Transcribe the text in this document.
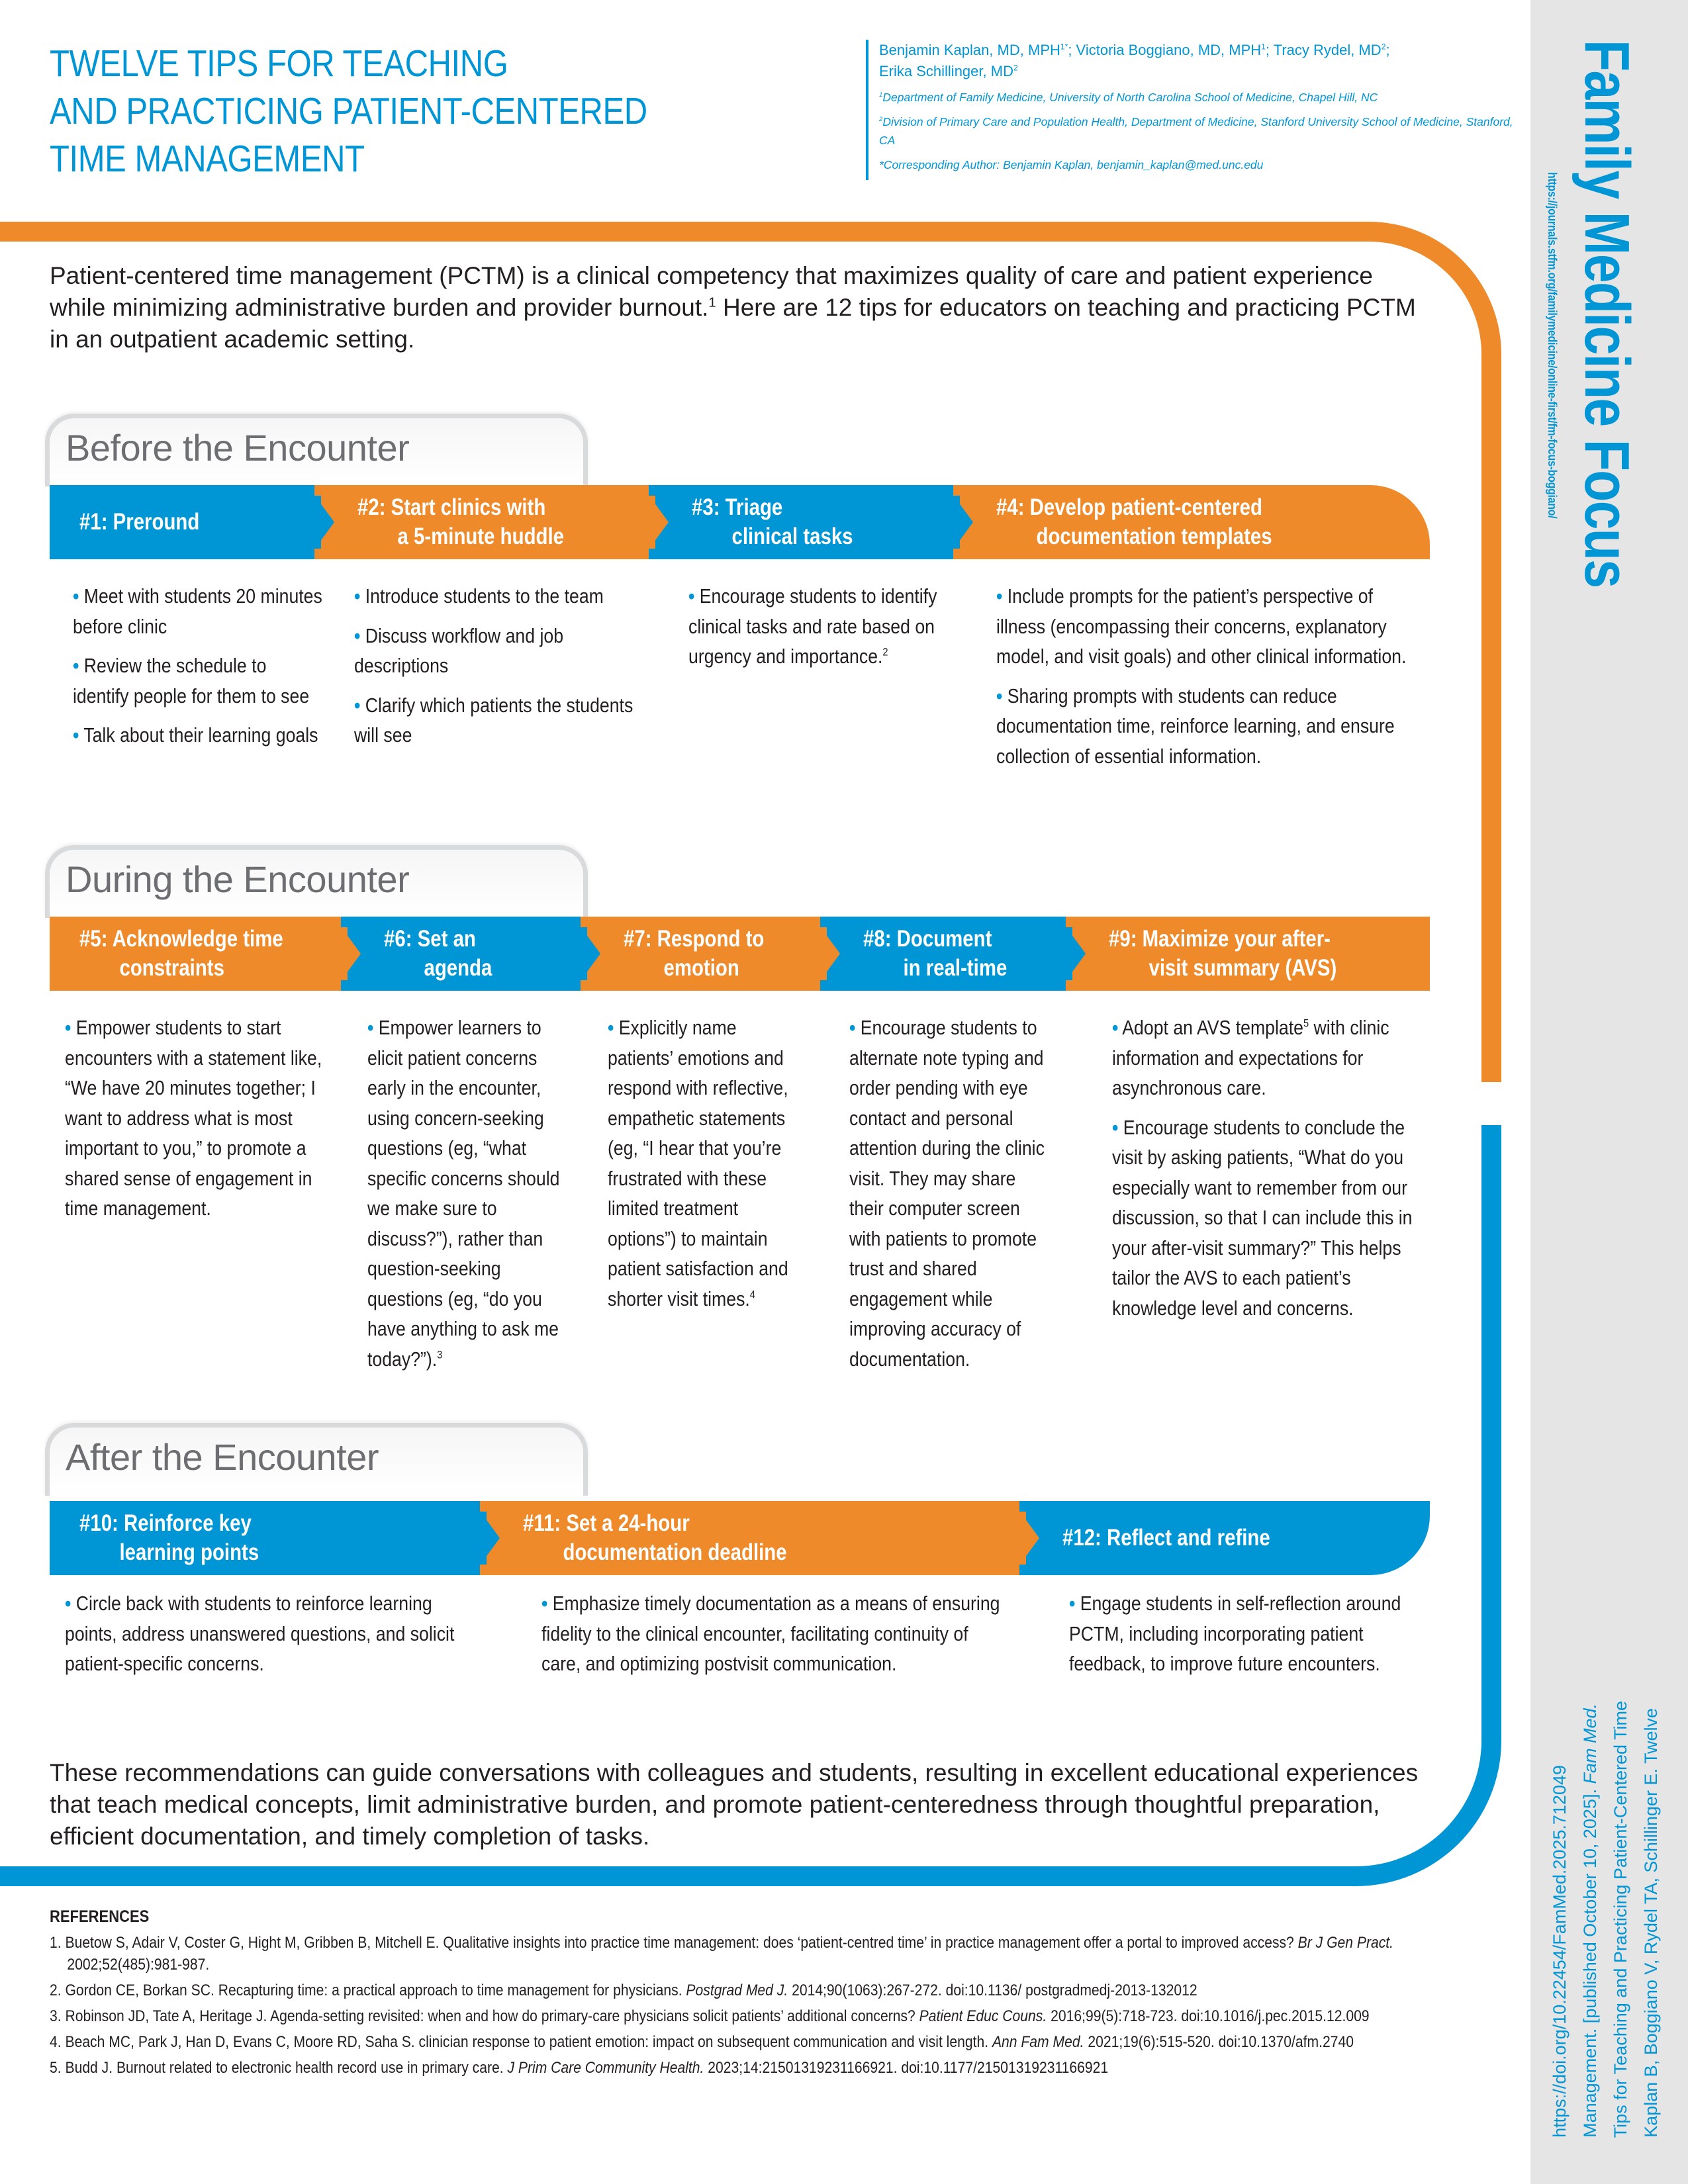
Family Medicine Focus
https://journals.stfm.org/familymedicine/online-first/fm-focus-boggiano/
Kaplan B, Boggiano V, Rydel TA, Schillinger E. Twelve
Tips for Teaching and Practicing Patient-Centered Time
Management. [published October 10, 2025]. Fam Med.
https://doi.org/10.22454/FamMed.2025.712049
TWELVE TIPS FOR TEACHING
AND PRACTICING PATIENT-CENTERED
TIME MANAGEMENT
Benjamin Kaplan, MD, $MPH^{1*}$; Victoria Boggiano, MD, MPH$^1$; Tracy Rydel, $MD^2$;
Erika Schillinger, $MD^2$
$^1$Department of Family Medicine, University of North Carolina School of Medicine, Chapel Hill, NC
$^2$Division of Primary Care and Population Health, Department of Medicine, Stanford University School of Medicine, Stanford, CA
*Corresponding Author: Benjamin Kaplan, benjamin_kaplan@med.unc.edu
Patient-centered time management (PCTM) is a clinical competency that maximizes quality of care and patient experience while minimizing administrative burden and provider burnout.$^1$ Here are 12 tips for educators on teaching and practicing PCTM in an outpatient academic setting.
Before the Encounter
#1: Preround

• Meet with students 20 minutes before clinic

• Review the schedule to identify people for them to see

• Talk about their learning goals

#2: Start clinics with
a 5-minute huddle

• Introduce students to the team

• Discuss workflow and job descriptions

• Clarify which patients the students will see

#3: Triage
clinical tasks

• Encourage students to identify clinical tasks and rate based on urgency and importance.$^2$

#4: Develop patient-centered
documentation templates

• Include prompts for the patient’s perspective of illness (encompassing their concerns, explanatory model, and visit goals) and other clinical information.

• Sharing prompts with students can reduce documentation time, reinforce learning, and ensure collection of essential information.

During the Encounter
#5: Acknowledge time
constraints

• Empower students to start encounters with a statement like, “We have 20 minutes together; I want to address what is most important to you,” to promote a shared sense of engagement in time management.

#6: Set an
agenda

• Empower learners to elicit patient concerns early in the encounter, using concern-seeking questions (eg, “what specific concerns should we make sure to discuss?”), rather than question-seeking questions (eg, “do you have anything to ask me today?”).$^3$

#7: Respond to
emotion

• Explicitly name patients’ emotions and respond with reflective, empathetic statements (eg, “I hear that you’re frustrated with these limited treatment options”) to maintain patient satisfaction and shorter visit times.$^4$

#8: Document
in real-time

• Encourage students to alternate note typing and order pending with eye contact and personal attention during the clinic visit. They may share their computer screen with patients to promote trust and shared engagement while improving accuracy of documentation.

#9: Maximize your after-
visit summary (AVS)

• Adopt an AVS template$^5$ with clinic information and expectations for asynchronous care.

• Encourage students to conclude the visit by asking patients, “What do you especially want to remember from our discussion, so that I can include this in your after-visit summary?” This helps tailor the AVS to each patient’s knowledge level and concerns.

After the Encounter
#10: Reinforce key
learning points

• Circle back with students to reinforce learning points, address unanswered questions, and solicit patient-specific concerns.

#11: Set a 24-hour
documentation deadline

• Emphasize timely documentation as a means of ensuring fidelity to the clinical encounter, facilitating continuity of care, and optimizing postvisit communication.

#12: Reflect and refine

• Engage students in self-reflection around PCTM, including incorporating patient feedback, to improve future encounters.

These recommendations can guide conversations with colleagues and students, resulting in excellent educational experiences that teach medical concepts, limit administrative burden, and promote patient-centeredness through thoughtful preparation, efficient documentation, and timely completion of tasks.
REFERENCES
1. Buetow S, Adair V, Coster G, Hight M, Gribben B, Mitchell E. Qualitative insights into practice time management: does ‘patient-centred time’ in practice management offer a portal to improved access? Br J Gen Pract. 2002;52(485):981-987.
2. Gordon CE, Borkan SC. Recapturing time: a practical approach to time management for physicians. Postgrad Med J. 2014;90(1063):267-272. doi:10.1136/ postgradmedj-2013-132012
3. Robinson JD, Tate A, Heritage J. Agenda-setting revisited: when and how do primary-care physicians solicit patients’ additional concerns? Patient Educ Couns. 2016;99(5):718-723. doi:10.1016/j.pec.2015.12.009
4. Beach MC, Park J, Han D, Evans C, Moore RD, Saha S. clinician response to patient emotion: impact on subsequent communication and visit length. Ann Fam Med. 2021;19(6):515-520. doi:10.1370/afm.2740
5. Budd J. Burnout related to electronic health record use in primary care. J Prim Care Community Health. 2023;14:21501319231166921. doi:10.1177/21501319231166921
